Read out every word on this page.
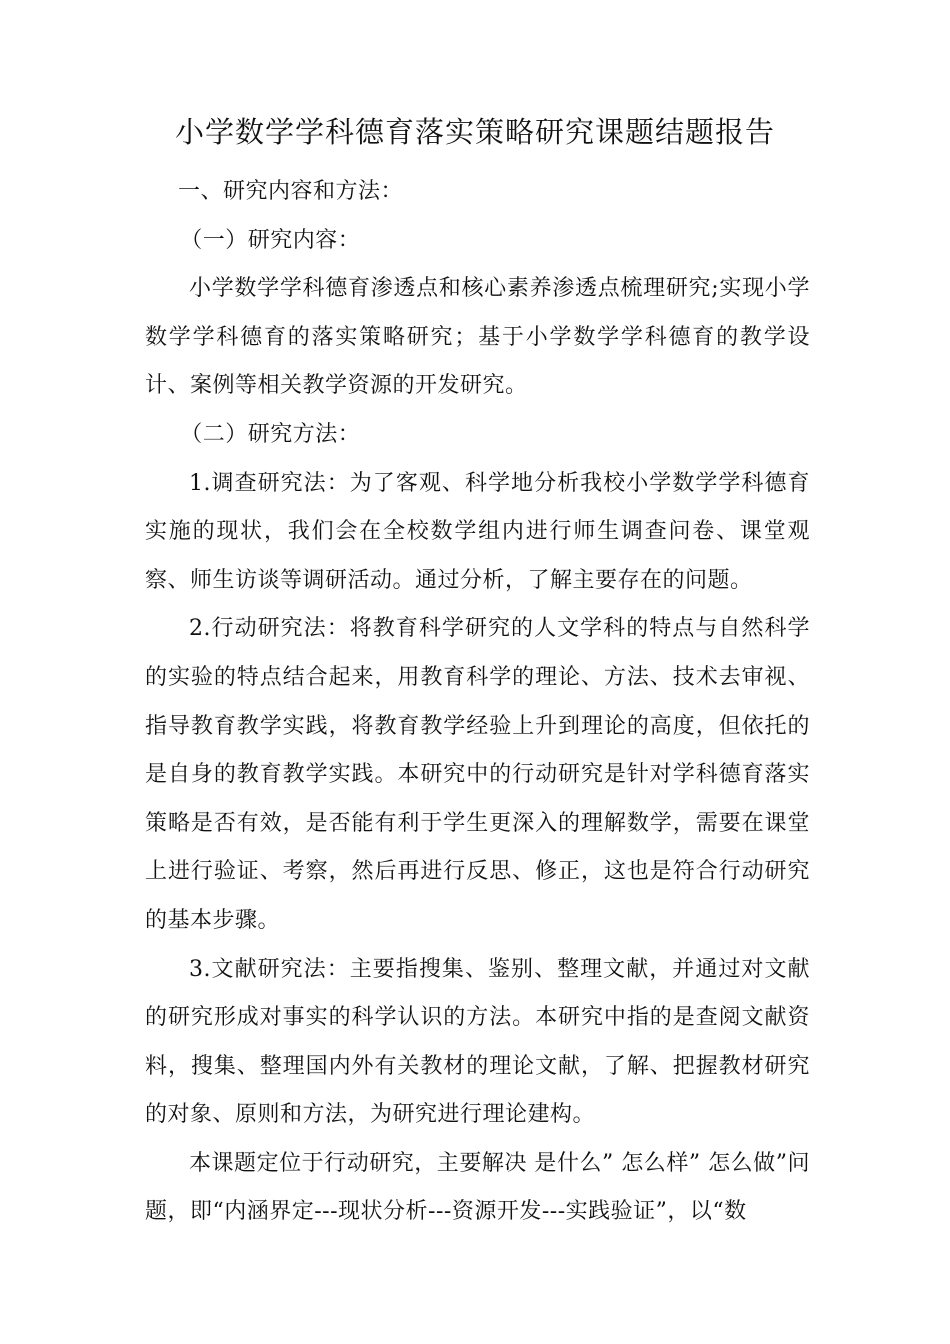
小学数学学科德育落实策略研究课题结题报告

一、研究内容和方法：

（一）研究内容：

小学数学学科德育渗透点和核心素养渗透点梳理研究;实现小学数学学科德育的落实策略研究；基于小学数学学科德育的教学设计、案例等相关教学资源的开发研究。

（二）研究方法：

1.调查研究法：为了客观、科学地分析我校小学数学学科德育实施的现状，我们会在全校数学组内进行师生调查问卷、课堂观察、师生访谈等调研活动。通过分析，了解主要存在的问题。

2.行动研究法：将教育科学研究的人文学科的特点与自然科学的实验的特点结合起来，用教育科学的理论、方法、技术去审视、指导教育教学实践，将教育教学经验上升到理论的高度，但依托的是自身的教育教学实践。本研究中的行动研究是针对学科德育落实策略是否有效，是否能有利于学生更深入的理解数学，需要在课堂上进行验证、考察，然后再进行反思、修正，这也是符合行动研究的基本步骤。

3.文献研究法：主要指搜集、鉴别、整理文献，并通过对文献的研究形成对事实的科学认识的方法。本研究中指的是查阅文献资料，搜集、整理国内外有关教材的理论文献，了解、把握教材研究的对象、原则和方法，为研究进行理论建构。

本课题定位于行动研究，主要解决 是什么” 怎么样” 怎么做”问题，即“内涵界定---现状分析---资源开发---实践验证”，以“数
